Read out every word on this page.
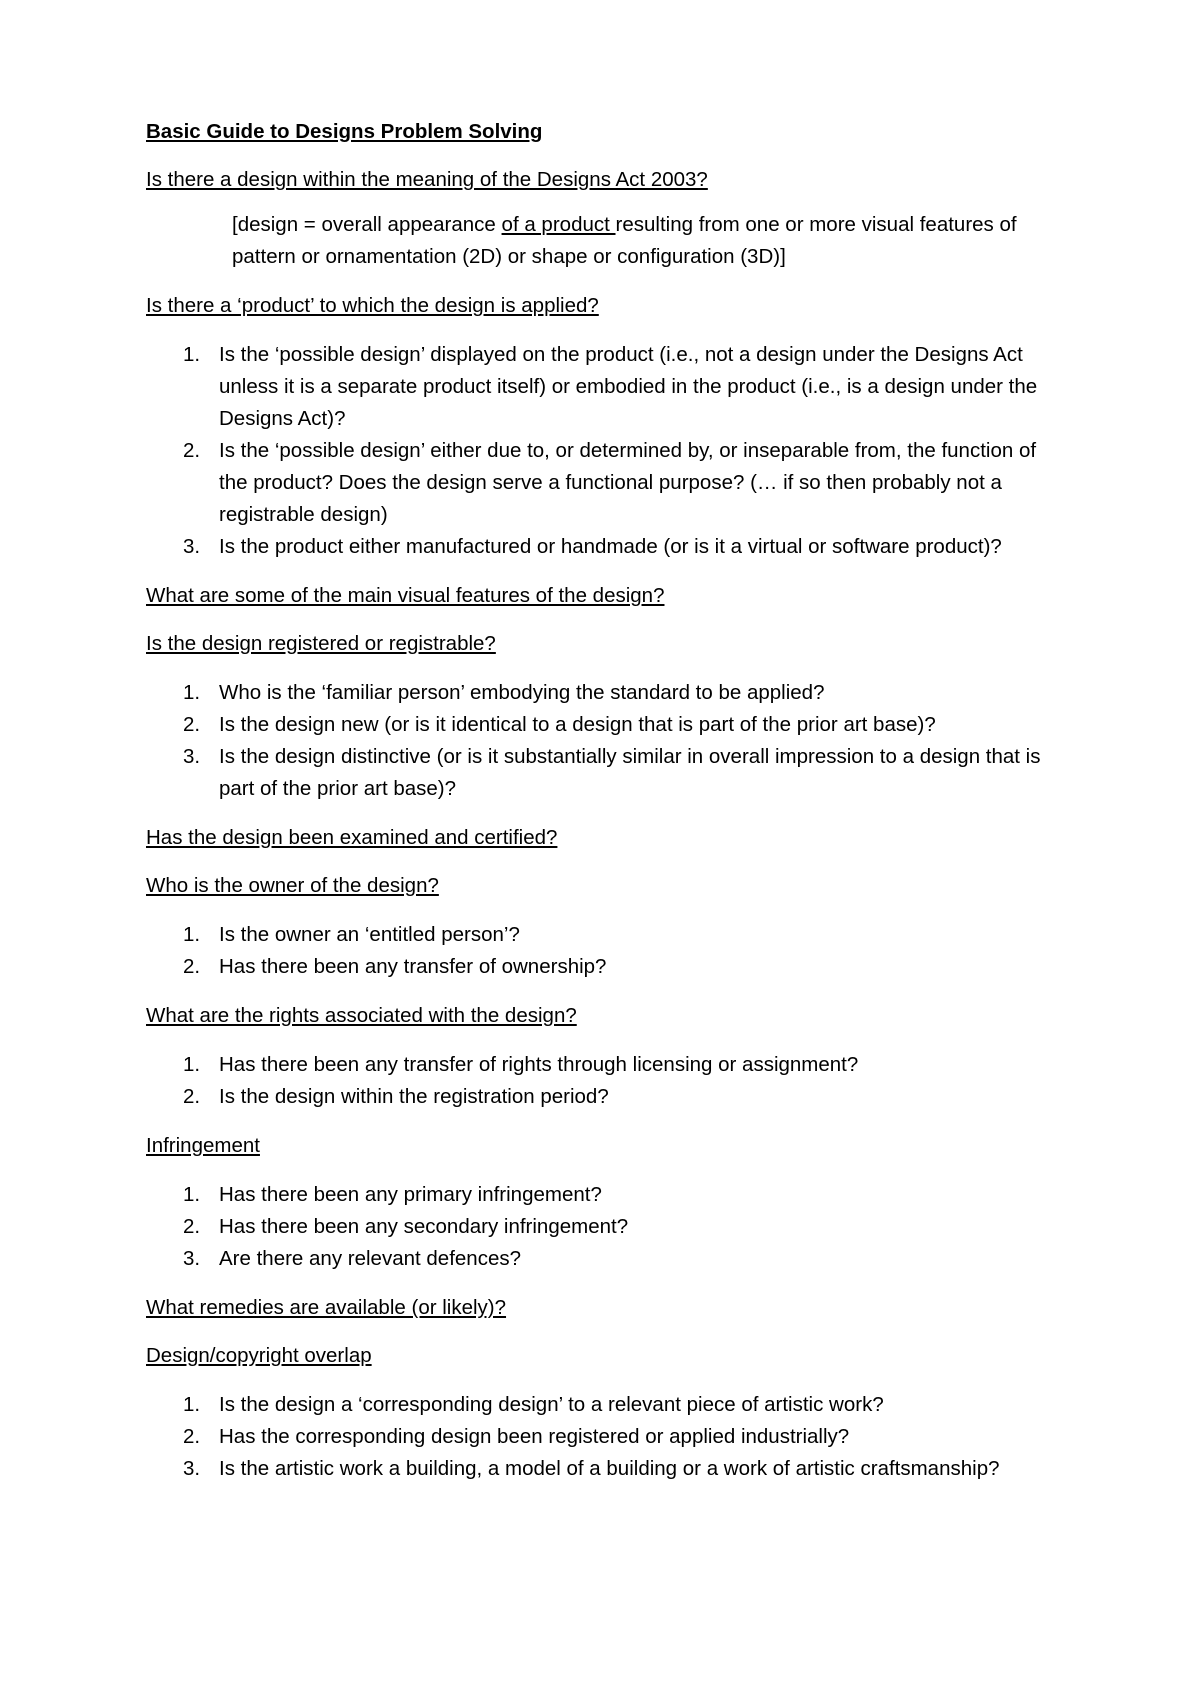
Basic Guide to Designs Problem Solving
Is there a design within the meaning of the Designs Act 2003?
[design = overall appearance of a product resulting from one or more visual features of pattern or ornamentation (2D) or shape or configuration (3D)]
Is there a ‘product’ to which the design is applied?
1. Is the ‘possible design’ displayed on the product (i.e., not a design under the Designs Act unless it is a separate product itself) or embodied in the product (i.e., is a design under the Designs Act)?
2. Is the ‘possible design’ either due to, or determined by, or inseparable from, the function of the product? Does the design serve a functional purpose? (… if so then probably not a registrable design)
3. Is the product either manufactured or handmade (or is it a virtual or software product)?
What are some of the main visual features of the design?
Is the design registered or registrable?
1. Who is the ‘familiar person’ embodying the standard to be applied?
2. Is the design new (or is it identical to a design that is part of the prior art base)?
3. Is the design distinctive (or is it substantially similar in overall impression to a design that is part of the prior art base)?
Has the design been examined and certified?
Who is the owner of the design?
1. Is the owner an ‘entitled person’?
2. Has there been any transfer of ownership?
What are the rights associated with the design?
1. Has there been any transfer of rights through licensing or assignment?
2. Is the design within the registration period?
Infringement
1. Has there been any primary infringement?
2. Has there been any secondary infringement?
3. Are there any relevant defences?
What remedies are available (or likely)?
Design/copyright overlap
1. Is the design a ‘corresponding design’ to a relevant piece of artistic work?
2. Has the corresponding design been registered or applied industrially?
3. Is the artistic work a building, a model of a building or a work of artistic craftsmanship?
